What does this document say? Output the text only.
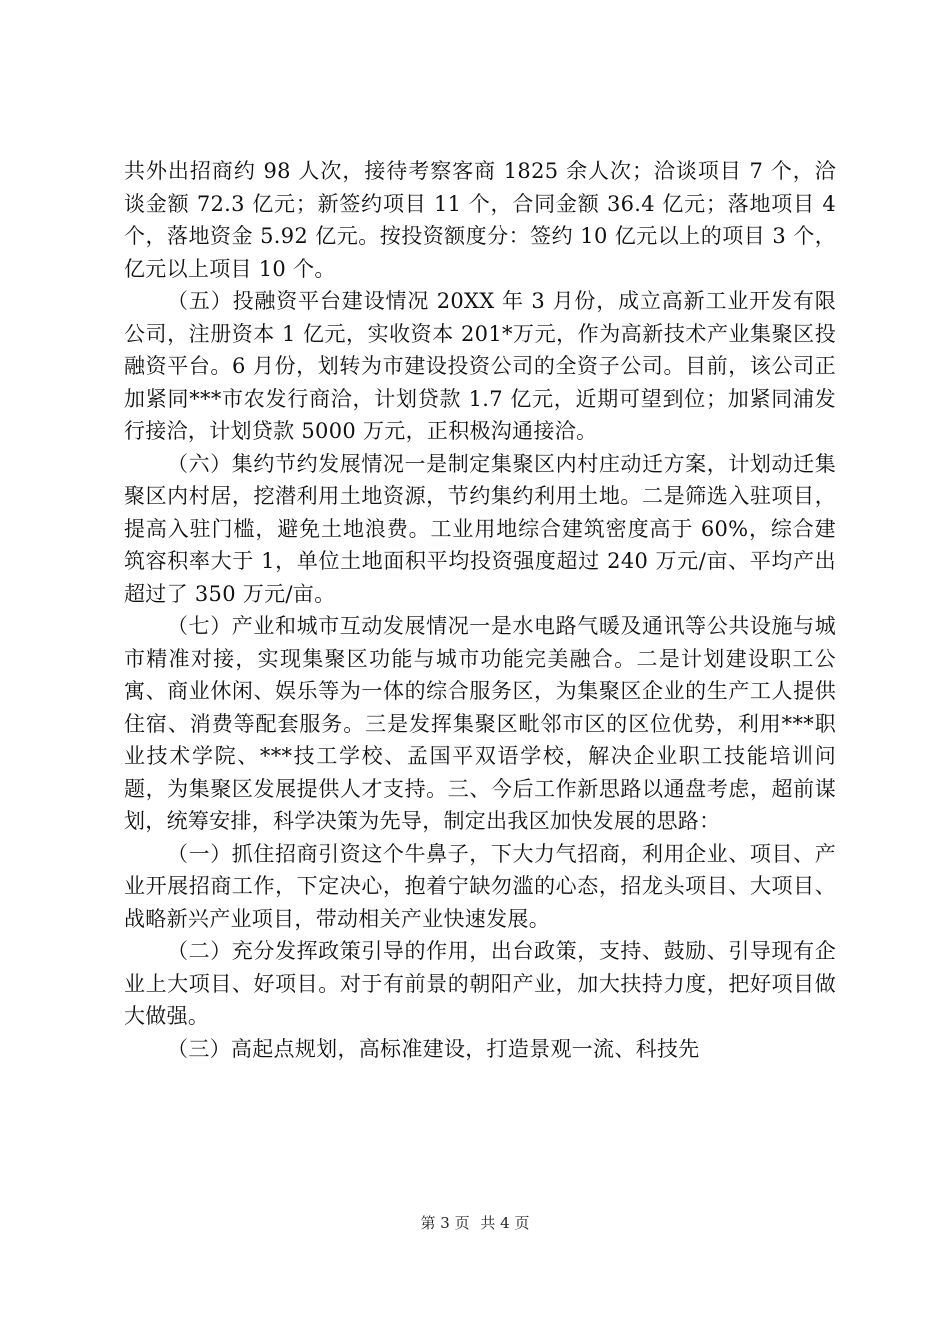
共外出招商约 98 人次，接待考察客商 1825 余人次；洽谈项目 7 个，洽谈金额 72.3 亿元；新签约项目 11 个，合同金额 36.4 亿元；落地项目 4 个，落地资金 5.92 亿元。按投资额度分：签约 10 亿元以上的项目 3 个，亿元以上项目 10 个。

（五）投融资平台建设情况 20XX 年 3 月份，成立高新工业开发有限公司，注册资本 1 亿元，实收资本 201*万元，作为高新技术产业集聚区投融资平台。6 月份，划转为市建设投资公司的全资子公司。目前，该公司正加紧同***市农发行商洽，计划贷款 1.7 亿元，近期可望到位；加紧同浦发行接洽，计划贷款 5000 万元，正积极沟通接洽。

（六）集约节约发展情况一是制定集聚区内村庄动迁方案，计划动迁集聚区内村居，挖潜利用土地资源，节约集约利用土地。二是筛选入驻项目，提高入驻门槛，避免土地浪费。工业用地综合建筑密度高于 60%，综合建筑容积率大于 1，单位土地面积平均投资强度超过 240 万元/亩、平均产出超过了 350 万元/亩。

（七）产业和城市互动发展情况一是水电路气暖及通讯等公共设施与城市精准对接，实现集聚区功能与城市功能完美融合。二是计划建设职工公寓、商业休闲、娱乐等为一体的综合服务区，为集聚区企业的生产工人提供住宿、消费等配套服务。三是发挥集聚区毗邻市区的区位优势，利用***职业技术学院、***技工学校、孟国平双语学校，解决企业职工技能培训问题，为集聚区发展提供人才支持。三、今后工作新思路以通盘考虑，超前谋划，统筹安排，科学决策为先导，制定出我区加快发展的思路：

（一）抓住招商引资这个牛鼻子，下大力气招商，利用企业、项目、产业开展招商工作，下定决心，抱着宁缺勿滥的心态，招龙头项目、大项目、战略新兴产业项目，带动相关产业快速发展。

（二）充分发挥政策引导的作用，出台政策，支持、鼓励、引导现有企业上大项目、好项目。对于有前景的朝阳产业，加大扶持力度，把好项目做大做强。

（三）高起点规划，高标准建设，打造景观一流、科技先

第 3 页 共 4 页
